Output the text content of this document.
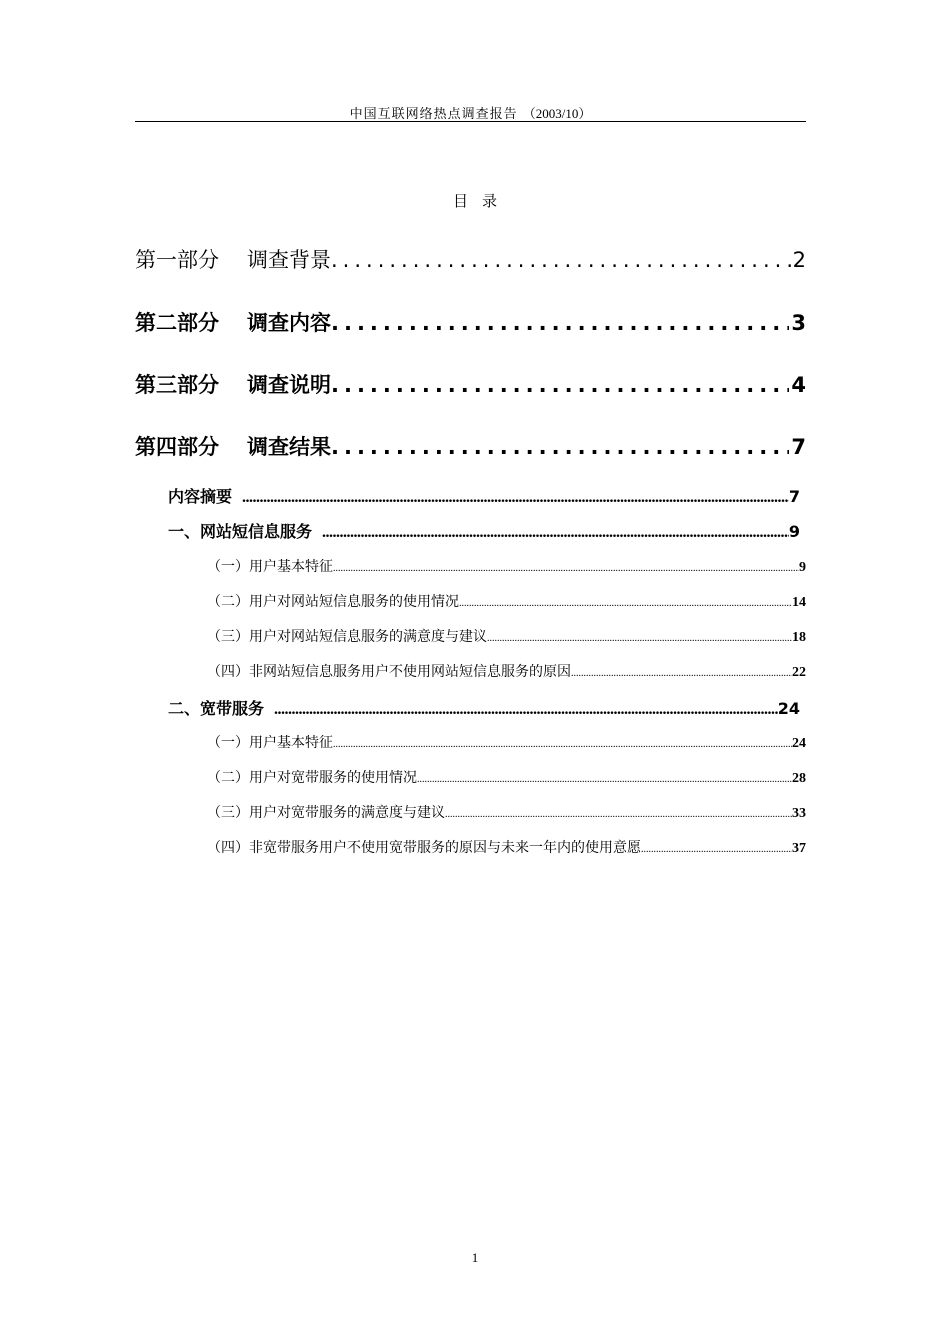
中国互联网络热点调查报告 （2003/10）
目录
第一部分	调查背景 .....	2
第二部分	调查内容 .....	3
第三部分	调查说明 .....	4
第四部分	调查结果 .....	7
内容摘要 .....	7
一、网站短信息服务 .....	9
（一）用户基本特征 .....	9
（二）用户对网站短信息服务的使用情况 .....	14
（三）用户对网站短信息服务的满意度与建议 .....	18
（四）非网站短信息服务用户不使用网站短信息服务的原因 .....	22
二、宽带服务 .....	24
（一）用户基本特征 .....	24
（二）用户对宽带服务的使用情况 .....	28
（三）用户对宽带服务的满意度与建议 .....	33
（四）非宽带服务用户不使用宽带服务的原因与未来一年内的使用意愿 .....	37
1
